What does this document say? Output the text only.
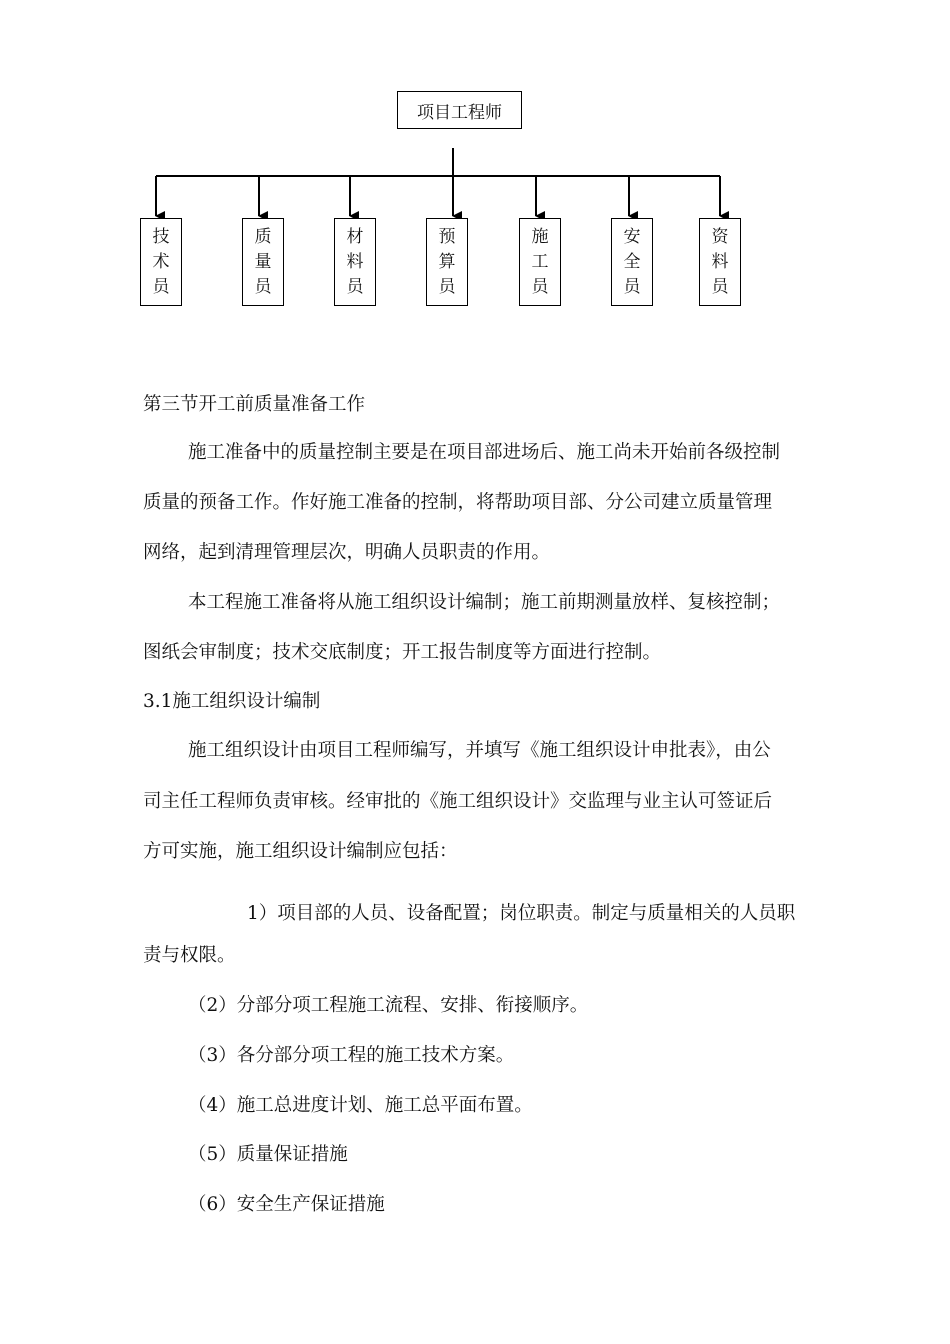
项目工程师
技术员
质量员
材料员
预算员
施工员
安全员
资料员
第三节开工前质量准备工作
施工准备中的质量控制主要是在项目部进场后、施工尚未开始前各级控制
质量的预备工作。作好施工准备的控制，将帮助项目部、分公司建立质量管理
网络，起到清理管理层次，明确人员职责的作用。
本工程施工准备将从施工组织设计编制；施工前期测量放样、复核控制；
图纸会审制度；技术交底制度；开工报告制度等方面进行控制。
3.1施工组织设计编制
施工组织设计由项目工程师编写，并填写《施工组织设计申批表》，由公
司主任工程师负责审核。经审批的《施工组织设计》交监理与业主认可签证后
方可实施，施工组织设计编制应包括：
1）项目部的人员、设备配置；岗位职责。制定与质量相关的人员职
责与权限。
（2）分部分项工程施工流程、安排、衔接顺序。
（3）各分部分项工程的施工技术方案。
（4）施工总进度计划、施工总平面布置。
（5）质量保证措施
（6）安全生产保证措施
